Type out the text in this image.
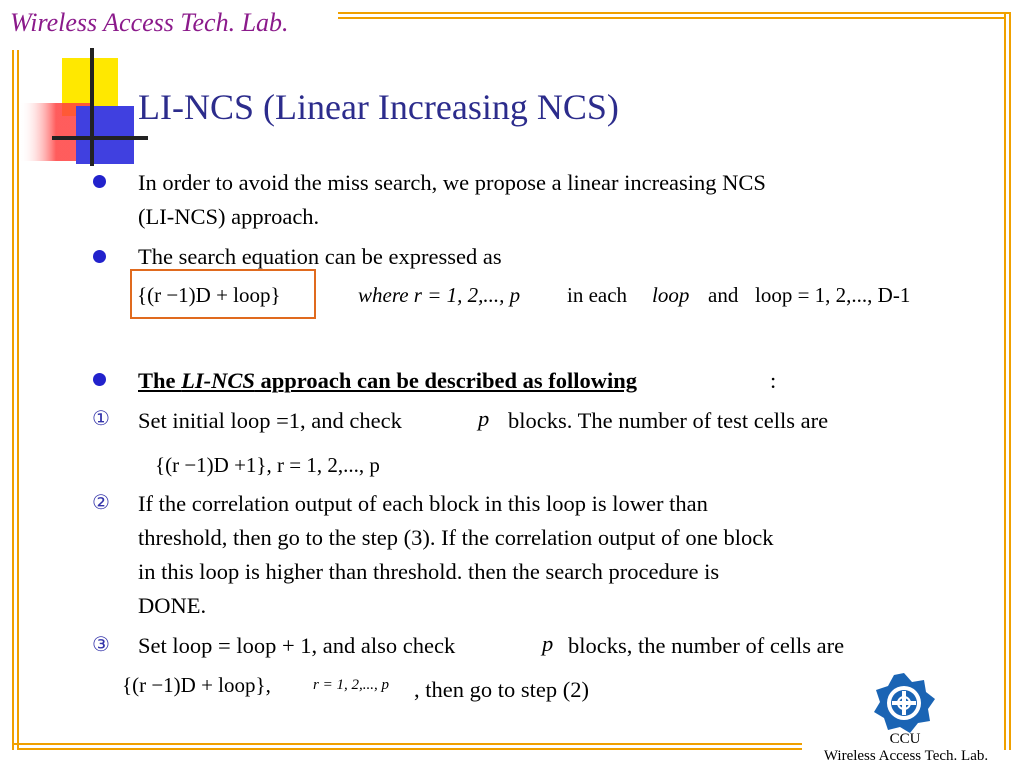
Wireless Access Tech. Lab.
LI-NCS (Linear Increasing NCS)
In order to avoid the miss search, we propose a linear increasing NCS
(LI-NCS) approach.
The search equation can be expressed as
{(r −1)D + loop}	where r = 1, 2,..., p in each loop and loop = 1, 2,..., D-1
The LI-NCS approach can be described as following	:
① Set initial loop =1, and check	p blocks. The number of test cells are
{(r −1)D +1}, r = 1, 2,..., p
② If the correlation output of each block in this loop is lower than
threshold, then go to the step (3). If the correlation output of one block
in this loop is higher than threshold. then the search procedure is
DONE.
③ Set loop = loop + 1, and also check	p blocks, the number of cells are
{(r −1)D + loop},	r = 1, 2,..., p , then go to step (2)
CCU
Wireless Access Tech. Lab.
